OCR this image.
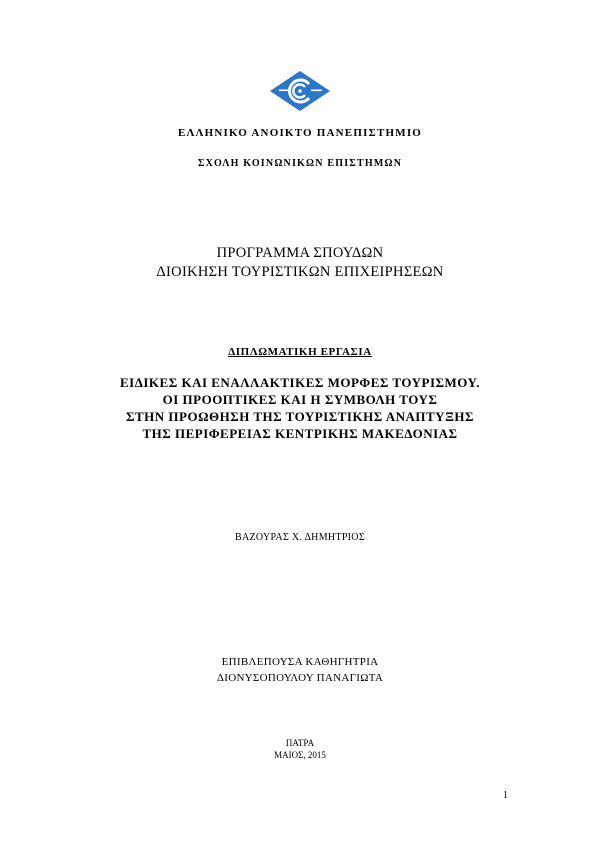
ΕΛΛΗΝΙΚΟ ΑΝΟΙΚΤΟ ΠΑΝΕΠΙΣΤΗΜΙΟ
ΣΧΟΛΗ ΚΟΙΝΩΝΙΚΩΝ ΕΠΙΣΤΗΜΩΝ
ΠΡΟΓΡΑΜΜΑ ΣΠΟΥΔΩΝ
ΔΙΟΙΚΗΣΗ ΤΟΥΡΙΣΤΙΚΩΝ ΕΠΙΧΕΙΡΗΣΕΩΝ
ΔΙΠΛΩΜΑΤΙΚΗ ΕΡΓΑΣΙΑ
ΕΙΔΙΚΕΣ ΚΑΙ ΕΝΑΛΛΑΚΤΙΚΕΣ ΜΟΡΦΕΣ ΤΟΥΡΙΣΜΟΥ.
ΟΙ ΠΡΟΟΠΤΙΚΕΣ ΚΑΙ Η ΣΥΜΒΟΛΗ ΤΟΥΣ
ΣΤΗΝ ΠΡΟΩΘΗΣΗ ΤΗΣ ΤΟΥΡΙΣΤΙΚΗΣ ΑΝΑΠΤΥΞΗΣ
ΤΗΣ ΠΕΡΙΦΕΡΕΙΑΣ ΚΕΝΤΡΙΚΗΣ ΜΑΚΕΔΟΝΙΑΣ
ΒΑΖΟΥΡΑΣ Χ. ΔΗΜΗΤΡΙΟΣ
ΕΠΙΒΛΕΠΟΥΣΑ ΚΑΘΗΓΗΤΡΙΑ
ΔΙΟΝΥΣΟΠΟΥΛΟΥ ΠΑΝΑΓΙΩΤΑ
ΠΑΤΡΑ
ΜΑΙΟΣ, 2015
1
